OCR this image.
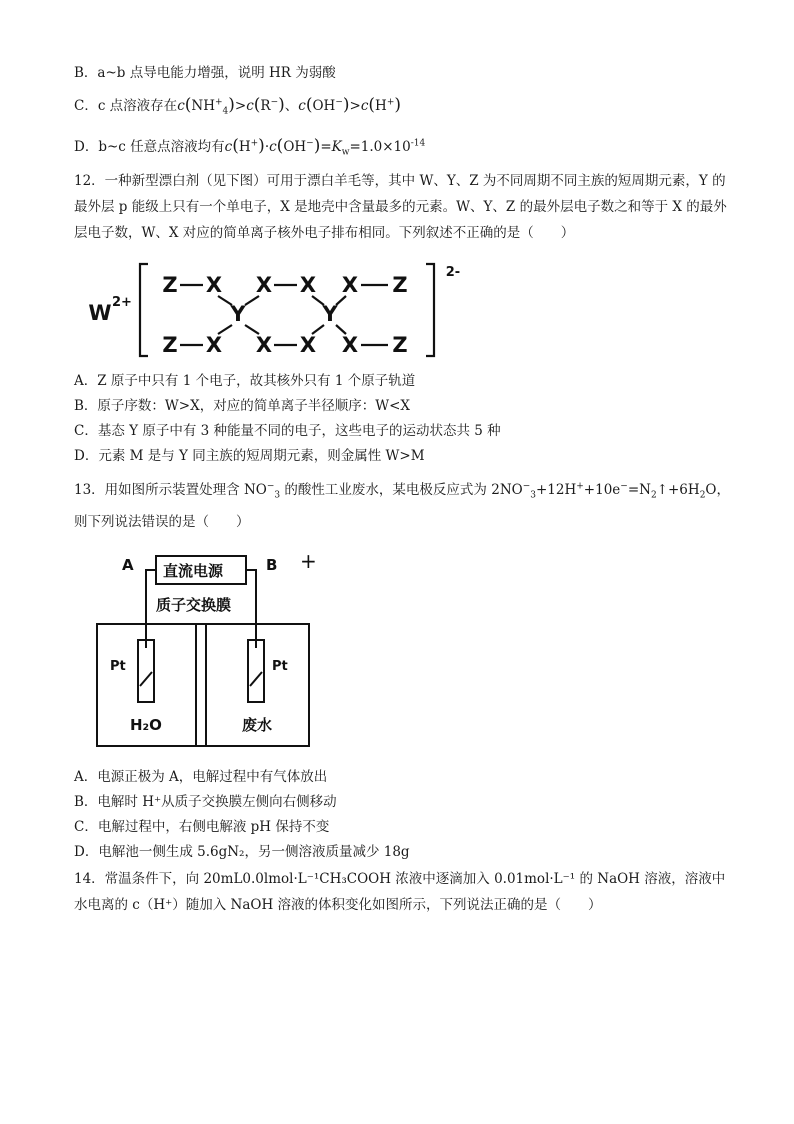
B．a~b 点导电能力增强，说明 HR 为弱酸
C．c 点溶液存在$c(NH^+_4)>c(R^-)$、c(OH−)>c(H+)
D．b~c 任意点溶液均有$c(H^+)\cdot c(OH^-)=K_w=1.0\times 10^{-14}$
12．一种新型漂白剂（见下图）可用于漂白羊毛等，其中 W、Y、Z 为不同周期不同主族的短周期元素，Y 的最外层 p 能级上只有一个单电子，X 是地壳中含量最多的元素。W、Y、Z 的最外层电子数之和等于 X 的最外层电子数，W、X 对应的简单离子核外电子排布相同。下列叙述不正确的是（　　）
W 2+
Z X X X X Z
Y	Y
Z X X X X Z
2-
A．Z 原子中只有 1 个电子，故其核外只有 1 个原子轨道
B．原子序数：W>X，对应的简单离子半径顺序：W<X
C．基态 Y 原子中有 3 种能量不同的电子，这些电子的运动状态共 5 种
D．元素 M 是与 Y 同主族的短周期元素，则金属性 W>M
13．用如图所示装置处理含 $NO^-_3$ 的酸性工业废水，某电极反应式为 $2NO^-_3+12H^++10e^-=N_2↑+6H_2O$，
则下列说法错误的是（　　）
直流电源
A	B +
质子交换膜
Pt	Pt
H₂O	废水
A．电源正极为 A，电解过程中有气体放出
B．电解时 H⁺从质子交换膜左侧向右侧移动
C．电解过程中，右侧电解液 pH 保持不变
D．电解池一侧生成 5.6gN₂，另一侧溶液质量减少 18g
14．常温条件下，向 20mL0.0lmol·L⁻¹CH₃COOH 浓液中逐滴加入 0.01mol·L⁻¹ 的 NaOH 溶液，溶液中水电离的 c（H⁺）随加入 NaOH 溶液的体积变化如图所示，下列说法正确的是（　　）
